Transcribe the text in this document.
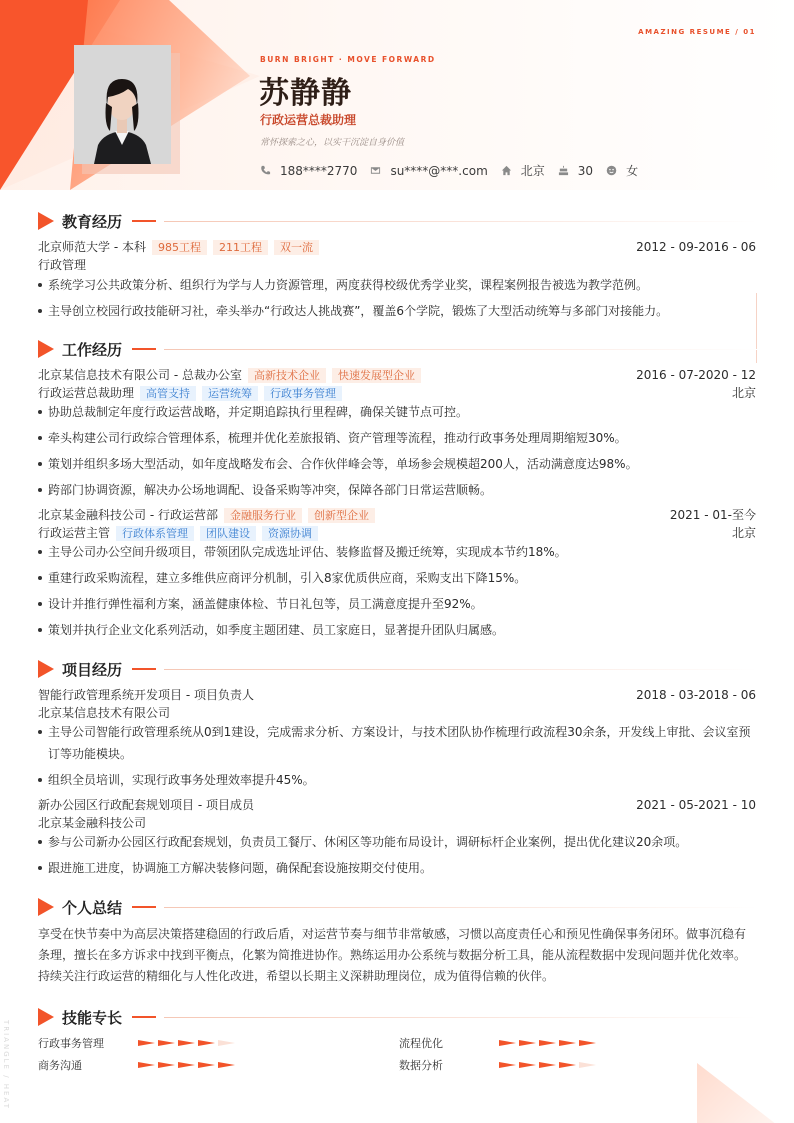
AMAZING RESUME / 01
BURN BRIGHT · MOVE FORWARD
苏静静
行政运营总裁助理
常怀探索之心，以实干沉淀自身价值
188****2770	su****@***.com	北京	30	女
教育经历
北京师范大学 - 本科	985工程	211工程	双一流	2012 - 09-2016 - 06
行政管理
系统学习公共政策分析、组织行为学与人力资源管理，两度获得校级优秀学业奖，课程案例报告被选为教学范例。
主导创立校园行政技能研习社，牵头举办“行政达人挑战赛”，覆盖6个学院，锻炼了大型活动统筹与多部门对接能力。
工作经历
北京某信息技术有限公司 - 总裁办公室	高新技术企业	快速发展型企业	2016 - 07-2020 - 12
行政运营总裁助理	高管支持	运营统筹	行政事务管理	北京
协助总裁制定年度行政运营战略，并定期追踪执行里程碑，确保关键节点可控。
牵头构建公司行政综合管理体系，梳理并优化差旅报销、资产管理等流程，推动行政事务处理周期缩短30%。
策划并组织多场大型活动，如年度战略发布会、合作伙伴峰会等，单场参会规模超200人，活动满意度达98%。
跨部门协调资源，解决办公场地调配、设备采购等冲突，保障各部门日常运营顺畅。
北京某金融科技公司 - 行政运营部	金融服务行业	创新型企业	2021 - 01-至今
行政运营主管	行政体系管理	团队建设	资源协调	北京
主导公司办公空间升级项目，带领团队完成选址评估、装修监督及搬迁统筹，实现成本节约18%。
重建行政采购流程，建立多维供应商评分机制，引入8家优质供应商，采购支出下降15%。
设计并推行弹性福利方案，涵盖健康体检、节日礼包等，员工满意度提升至92%。
策划并执行企业文化系列活动，如季度主题团建、员工家庭日，显著提升团队归属感。
项目经历
智能行政管理系统开发项目 - 项目负责人	2018 - 03-2018 - 06
北京某信息技术有限公司
主导公司智能行政管理系统从0到1建设，完成需求分析、方案设计，与技术团队协作梳理行政流程30余条，开发线上审批、会议室预
订等功能模块。
组织全员培训，实现行政事务处理效率提升45%。
新办公园区行政配套规划项目 - 项目成员	2021 - 05-2021 - 10
北京某金融科技公司
参与公司新办公园区行政配套规划，负责员工餐厅、休闲区等功能布局设计，调研标杆企业案例，提出优化建议20余项。
跟进施工进度，协调施工方解决装修问题，确保配套设施按期交付使用。
个人总结
享受在快节奏中为高层决策搭建稳固的行政后盾，对运营节奏与细节非常敏感，习惯以高度责任心和预见性确保事务闭环。做事沉稳有
条理，擅长在多方诉求中找到平衡点，化繁为简推进协作。熟练运用办公系统与数据分析工具，能从流程数据中发现问题并优化效率。
持续关注行政运营的精细化与人性化改进，希望以长期主义深耕助理岗位，成为值得信赖的伙伴。
技能专长
行政事务管理
商务沟通
流程优化
数据分析
TRIANGLE / HEAT
